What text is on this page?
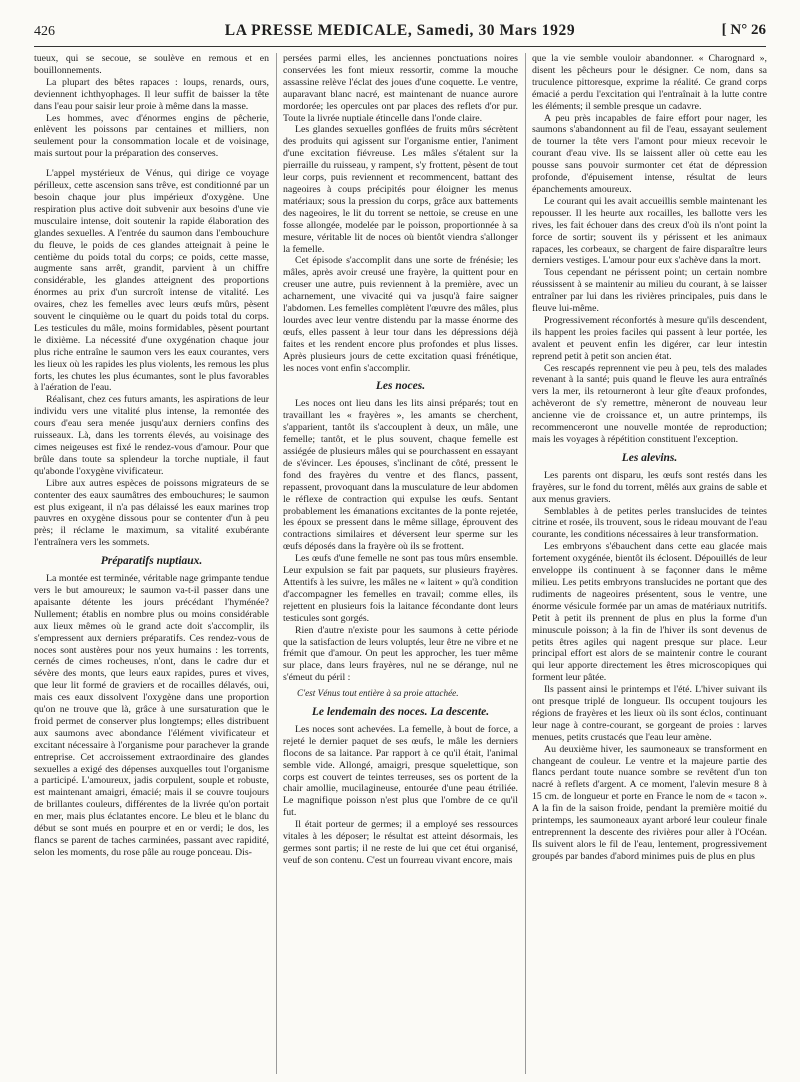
426	LA PRESSE MEDICALE, Samedi, 30 Mars 1929	[ N° 26

tueux, qui se secoue, se soulève en remous et en bouillonnements.

La plupart des bêtes rapaces : loups, renards, ours, deviennent ichthyophages. Il leur suffit de baisser la tête dans l'eau pour saisir leur proie à même dans la masse.

Les hommes, avec d'énormes engins de pêcherie, enlèvent les poissons par centaines et milliers, non seulement pour la consommation locale et de voisinage, mais surtout pour la préparation des conserves.

L'appel mystérieux de Vénus, qui dirige ce voyage périlleux, cette ascension sans trêve, est conditionné par un besoin chaque jour plus impérieux d'oxygène. Une respiration plus active doit subvenir aux besoins d'une vie musculaire intense, doit soutenir la rapide élaboration des glandes sexuelles. A l'entrée du saumon dans l'embouchure du fleuve, le poids de ces glandes atteignait à peine le centième du poids total du corps; ce poids, cette masse, augmente sans arrêt, grandit, parvient à un chiffre considérable, les glandes atteignent des proportions énormes au prix d'un surcroît intense de vitalité. Les ovaires, chez les femelles avec leurs œufs mûrs, pèsent souvent le cinquième ou le quart du poids total du corps. Les testicules du mâle, moins formidables, pèsent pourtant le dixième. La nécessité d'une oxygénation chaque jour plus riche entraîne le saumon vers les eaux courantes, vers les lieux où les rapides les plus violents, les remous les plus forts, les chutes les plus écumantes, sont le plus favorables à l'aération de l'eau.

Réalisant, chez ces futurs amants, les aspirations de leur individu vers une vitalité plus intense, la remontée des cours d'eau sera menée jusqu'aux derniers confins des ruisseaux. Là, dans les torrents élevés, au voisinage des cimes neigeuses est fixé le rendez-vous d'amour. Pour que brûle dans toute sa splendeur la torche nuptiale, il faut qu'abonde l'oxygène vivificateur.

Libre aux autres espèces de poissons migrateurs de se contenter des eaux saumâtres des embouchures; le saumon est plus exigeant, il n'a pas délaissé les eaux marines trop pauvres en oxygène dissous pour se contenter d'un à peu près; il réclame le maximum, sa vitalité exubérante l'entraînera vers les sommets.

Préparatifs nuptiaux.

La montée est terminée, véritable nage grimpante tendue vers le but amoureux; le saumon va-t-il passer dans une apaisante détente les jours précédant l'hyménée? Nullement; établis en nombre plus ou moins considérable aux lieux mêmes où le grand acte doit s'accomplir, ils s'empressent aux derniers préparatifs. Ces rendez-vous de noces sont austères pour nos yeux humains : les torrents, cernés de cimes rocheuses, n'ont, dans le cadre dur et sévère des monts, que leurs eaux rapides, pures et vives, que leur lit formé de graviers et de rocailles délavés, oui, mais ces eaux dissolvent l'oxygène dans une proportion qu'on ne trouve que là, grâce à une sursaturation que le froid permet de conserver plus longtemps; elles distribuent aux saumons avec abondance l'élément vivificateur et excitant nécessaire à l'organisme pour parachever la grande entreprise. Cet accroissement extraordinaire des glandes sexuelles a exigé des dépenses auxquelles tout l'organisme a participé. L'amoureux, jadis corpulent, souple et robuste, est maintenant amaigri, émacié; mais il se couvre toujours de brillantes couleurs, différentes de la livrée qu'on portait en mer, mais plus éclatantes encore. Le bleu et le blanc du début se sont mués en pourpre et en or verdi; le dos, les flancs se parent de taches carminées, passant avec rapidité, selon les moments, du rose pâle au rouge ponceau. Dis-

persées parmi elles, les anciennes ponctuations noires conservées les font mieux ressortir, comme la mouche assassine relève l'éclat des joues d'une coquette. Le ventre, auparavant blanc nacré, est maintenant de nuance aurore mordorée; les opercules ont par places des reflets d'or pur. Toute la livrée nuptiale étincelle dans l'onde claire.

Les glandes sexuelles gonflées de fruits mûrs sécrètent des produits qui agissent sur l'organisme entier, l'animent d'une excitation fiévreuse. Les mâles s'étalent sur la pierraille du ruisseau, y rampent, s'y frottent, pèsent de tout leur corps, puis reviennent et recommencent, battant des nageoires à coups précipités pour éloigner les menus matériaux; sous la pression du corps, grâce aux battements des nageoires, le lit du torrent se nettoie, se creuse en une fosse allongée, modelée par le poisson, proportionnée à sa mesure, véritable lit de noces où bientôt viendra s'allonger la femelle.

Cet épisode s'accomplit dans une sorte de frénésie; les mâles, après avoir creusé une frayère, la quittent pour en creuser une autre, puis reviennent à la première, avec un acharnement, une vivacité qui va jusqu'à faire saigner l'abdomen. Les femelles complètent l'œuvre des mâles, plus lourdes avec leur ventre distendu par la masse énorme des œufs, elles passent à leur tour dans les dépressions déjà faites et les rendent encore plus profondes et plus lisses. Après plusieurs jours de cette excitation quasi frénétique, les noces vont enfin s'accomplir.

Les noces.

Les noces ont lieu dans les lits ainsi préparés; tout en travaillant les « frayères », les amants se cherchent, s'apparient, tantôt ils s'accouplent à deux, un mâle, une femelle; tantôt, et le plus souvent, chaque femelle est assiégée de plusieurs mâles qui se pourchassent en essayant de s'évincer. Les épouses, s'inclinant de côté, pressent le fond des frayères du ventre et des flancs, passent, repassent, provoquant dans la musculature de leur abdomen le réflexe de contraction qui expulse les œufs. Sentant probablement les émanations excitantes de la ponte rejetée, les époux se pressent dans le même sillage, éprouvent des contractions similaires et déversent leur sperme sur les œufs déposés dans la frayère où ils se frottent.

Les œufs d'une femelle ne sont pas tous mûrs ensemble. Leur expulsion se fait par paquets, sur plusieurs frayères. Attentifs à les suivre, les mâles ne « laitent » qu'à condition d'accompagner les femelles en travail; comme elles, ils rejettent en plusieurs fois la laitance fécondante dont leurs testicules sont gorgés.

Rien d'autre n'existe pour les saumons à cette période que la satisfaction de leurs voluptés, leur être ne vibre et ne frémit que d'amour. On peut les approcher, les tuer même sur place, dans leurs frayères, nul ne se dérange, nul ne s'émeut du péril :

C'est Vénus tout entière à sa proie attachée.

Le lendemain des noces. La descente.

Les noces sont achevées. La femelle, à bout de force, a rejeté le dernier paquet de ses œufs, le mâle les derniers flocons de sa laitance. Par rapport à ce qu'il était, l'animal semble vide. Allongé, amaigri, presque squelettique, son corps est couvert de teintes terreuses, ses os portent de la chair amollie, mucilagineuse, entourée d'une peau étriliée. Le magnifique poisson n'est plus que l'ombre de ce qu'il fut.

Il était porteur de germes; il a employé ses ressources vitales à les déposer; le résultat est atteint désormais, les germes sont partis; il ne reste de lui que cet étui organisé, veuf de son contenu. C'est un fourreau vivant encore, mais

que la vie semble vouloir abandonner. « Charognard », disent les pêcheurs pour le désigner. Ce nom, dans sa truculence pittoresque, exprime la réalité. Ce grand corps émacié a perdu l'excitation qui l'entraînait à la lutte contre les éléments; il semble presque un cadavre.

A peu près incapables de faire effort pour nager, les saumons s'abandonnent au fil de l'eau, essayant seulement de tourner la tête vers l'amont pour mieux recevoir le courant d'eau vive. Ils se laissent aller où cette eau les pousse sans pouvoir surmonter cet état de dépression profonde, d'épuisement intense, résultat de leurs épanchements amoureux.

Le courant qui les avait accueillis semble maintenant les repousser. Il les heurte aux rocailles, les ballotte vers les rives, les fait échouer dans des creux d'où ils n'ont point la force de sortir; souvent ils y périssent et les animaux rapaces, les corbeaux, se chargent de faire disparaître leurs derniers vestiges. L'amour pour eux s'achève dans la mort.

Tous cependant ne périssent point; un certain nombre réussissent à se maintenir au milieu du courant, à se laisser entraîner par lui dans les rivières principales, puis dans le fleuve lui-même.

Progressivement réconfortés à mesure qu'ils descendent, ils happent les proies faciles qui passent à leur portée, les avalent et peuvent enfin les digérer, car leur intestin reprend petit à petit son ancien état.

Ces rescapés reprennent vie peu à peu, tels des malades revenant à la santé; puis quand le fleuve les aura entraînés vers la mer, ils retourneront à leur gîte d'eaux profondes, achèveront de s'y remettre, mèneront de nouveau leur ancienne vie de croissance et, un autre printemps, ils recommenceront une nouvelle montée de reproduction; mais les voyages à répétition constituent l'exception.

Les alevins.

Les parents ont disparu, les œufs sont restés dans les frayères, sur le fond du torrent, mêlés aux grains de sable et aux menus graviers.

Semblables à de petites perles translucides de teintes citrine et rosée, ils trouvent, sous le rideau mouvant de l'eau courante, les conditions nécessaires à leur transformation.

Les embryons s'ébauchent dans cette eau glacée mais fortement oxygénée, bientôt ils éclosent. Dépouillés de leur enveloppe ils continuent à se façonner dans le même milieu. Les petits embryons translucides ne portant que des rudiments de nageoires présentent, sous le ventre, une énorme vésicule formée par un amas de matériaux nutritifs. Petit à petit ils prennent de plus en plus la forme d'un minuscule poisson; à la fin de l'hiver ils sont devenus de petits êtres agiles qui nagent presque sur place. Leur principal effort est alors de se maintenir contre le courant qui leur apporte directement les êtres microscopiques qui forment leur pâtée.

Ils passent ainsi le printemps et l'été. L'hiver suivant ils ont presque triplé de longueur. Ils occupent toujours les régions de frayères et les lieux où ils sont éclos, continuant leur nage à contre-courant, se gorgeant de proies : larves menues, petits crustacés que l'eau leur amène.

Au deuxième hiver, les saumoneaux se transforment en changeant de couleur. Le ventre et la majeure partie des flancs perdant toute nuance sombre se revêtent d'un ton nacré à reflets d'argent. A ce moment, l'alevin mesure 8 à 15 cm. de longueur et porte en France le nom de « tacon ». A la fin de la saison froide, pendant la première moitié du printemps, les saumoneaux ayant arboré leur couleur finale entreprennent la descente des rivières pour aller à l'Océan. Ils suivent alors le fil de l'eau, lentement, progressivement groupés par bandes d'abord minimes puis de plus en plus
